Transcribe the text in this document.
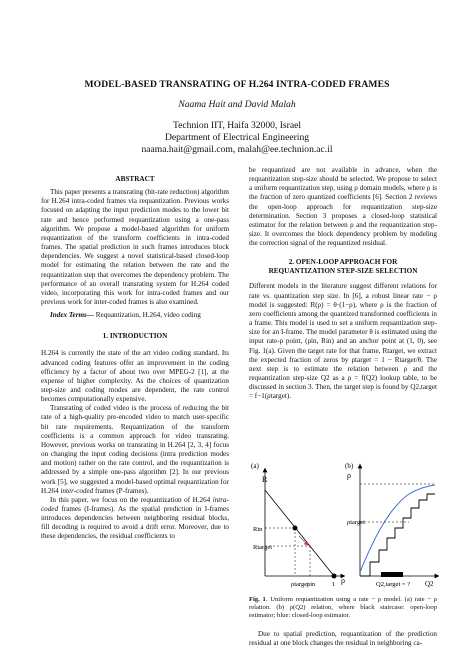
MODEL-BASED TRANSRATING OF H.264 INTRA-CODED FRAMES
Naama Hait and David Malah
Technion IIT, Haifa 32000, Israel
Department of Electrical Engineering
naama.hait@gmail.com, malah@ee.technion.ac.il
ABSTRACT

This paper presents a transrating (bit-rate reduction) algorithm for H.264 intra-coded frames via requantization. Previous works focused on adapting the input prediction modes to the lower bit rate and hence performed requantization using a one-pass algorithm. We propose a model-based algorithm for uniform requantization of the transform coefficients in intra-coded frames. The spatial prediction in such frames introduces block dependencies. We suggest a novel statistical-based closed-loop model for estimating the relation between the rate and the requantization step that overcomes the dependency problem. The performance of an overall transrating system for H.264 coded video, incorporating this work for intra-coded frames and our previous work for inter-coded frames is also examined.

Index Terms— Requantization, H.264, video coding

1. INTRODUCTION

H.264 is currently the state of the art video coding standard. Its advanced coding features offer an improvement in the coding efficiency by a factor of about two over MPEG-2 [1], at the expense of higher complexity. As the choices of quantization step-size and coding modes are dependent, the rate control becomes computationally expensive.

Transrating of coded video is the process of reducing the bit rate of a high-quality pre-encoded video to match user-specific bit rate requirements. Requantization of the transform coefficients is a common approach for video transrating. However, previous works on transrating in H.264 [2, 3, 4] focus on changing the input coding decisions (intra prediction modes and motion) rather on the rate control, and the requantization is addressed by a simple one-pass algorithm [2]. In our previous work [5], we suggested a model-based optimal requantization for H.264 inter-coded frames (P-frames).

In this paper, we focus on the requantization of H.264 intra-coded frames (I-frames). As the spatial prediction in I-frames introduces dependencies between neighboring residual blocks, fill decoding is required to avoid a drift error. Moreover, due to these dependencies, the residual coefficients to

be requantized are not available in advance, when the requantization step-size should be selected. We propose to select a uniform requantization step, using ρ domain models, where ρ is the fraction of zero quantized coefficients [6]. Section 2 reviews the open-loop approach for requantization step-size determination. Section 3 proposes a closed-loop statistical estimator for the relation between ρ and the requantization step-size. It overcomes the block dependency problem by modeling the correction signal of the requantized residual.

2. OPEN-LOOP APPROACH FOR

REQUANTIZATION STEP-SIZE SELECTION

Different models in the literature suggest different relations for rate vs. quantization step size. In [6], a robust linear rate − ρ model is suggested: R(ρ) = θ·(1−ρ), where ρ is the fraction of zero coefficients among the quantized transformed coefficients in a frame. This model is used to set a uniform requantization step-size for an I-frame. The model parameter θ is estimated using the input rate-ρ point, (ρin, Rin) and an anchor point at (1, 0), see Fig. 1(a). Given the target rate for that frame, Rtarget, we extract the expected fraction of zeros by ρtarget = 1 − Rtarget/θ. The next step is to estimate the relation between ρ and the requantization step-size Q2 as a ρ = f(Q2) lookup table, to be discussed in section 3. Then, the target step is found by Q2,target = f−1(ρtarget).

(a)
R
Rin
Rtarget
ρtarget
ρin	1 ρ
(b)
ρ
ρtarget
Q2,target = ? Q2
Fig. 1. Uniform requantization using a rate − ρ model. (a) rate − ρ relation. (b) ρ(Q2) relation, where black staircase: open-loop estimator; blue: closed-loop estimator.

Due to spatial prediction, requantization of the prediction residual at one block changes the residual in neighboring ca-
